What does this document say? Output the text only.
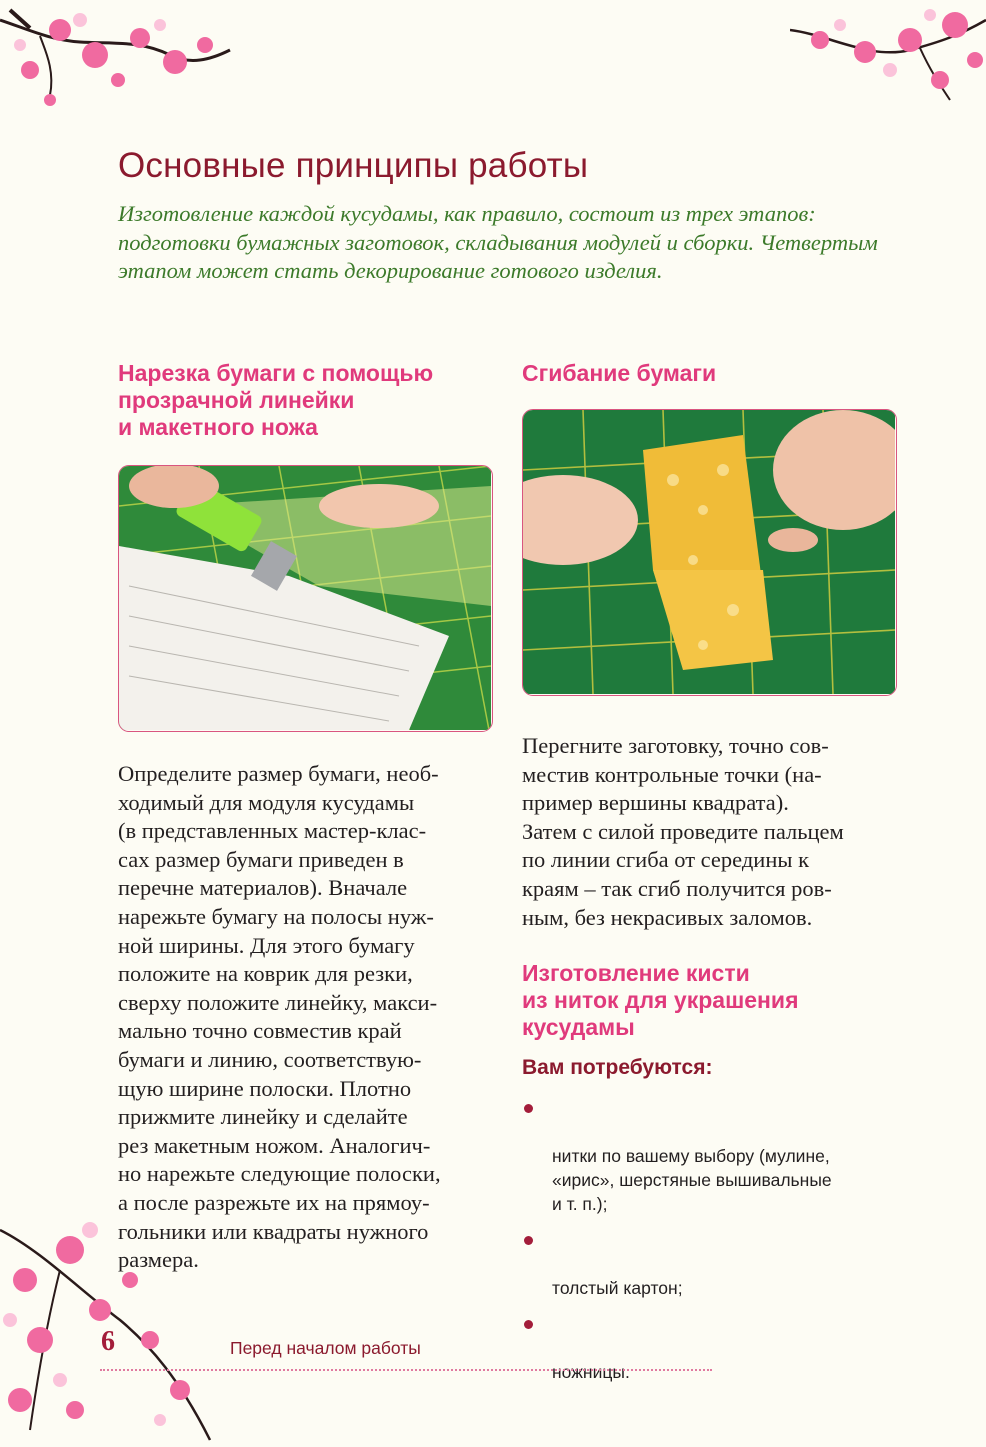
Основные принципы работы

Изготовление каждой кусудамы, как правило, состоит из трех этапов: подготовки бумажных заготовок, складывания модулей и сборки. Четвертым этапом может стать декорирование готового изделия.

Нарезка бумаги с помощью
прозрачной линейки
и макетного ножа

Определите размер бумаги, необ-
ходимый для модуля кусудамы
(в представленных мастер-клас-
сах размер бумаги приведен в
перечне материалов). Вначале
нарежьте бумагу на полосы нуж-
ной ширины. Для этого бумагу
положите на коврик для резки,
сверху положите линейку, макси-
мально точно совместив край
бумаги и линию, соответствую-
щую ширине полоски. Плотно
прижмите линейку и сделайте
рез макетным ножом. Аналогич-
но нарежьте следующие полоски,
а после разрежьте их на прямоу-
гольники или квадраты нужного
размера.

Сгибание бумаги

Перегните заготовку, точно сов-
местив контрольные точки (на-
пример вершины квадрата).
Затем с силой проведите пальцем
по линии сгиба от середины к
краям – так сгиб получится ров-
ным, без некрасивых заломов.

Изготовление кисти
из ниток для украшения
кусудамы
Вам потребуются:

нитки по вашему выбору (мулине,
«ирис», шерстяные вышивальные
и т. п.);

толстый картон;

ножницы.

6	Перед началом работы
